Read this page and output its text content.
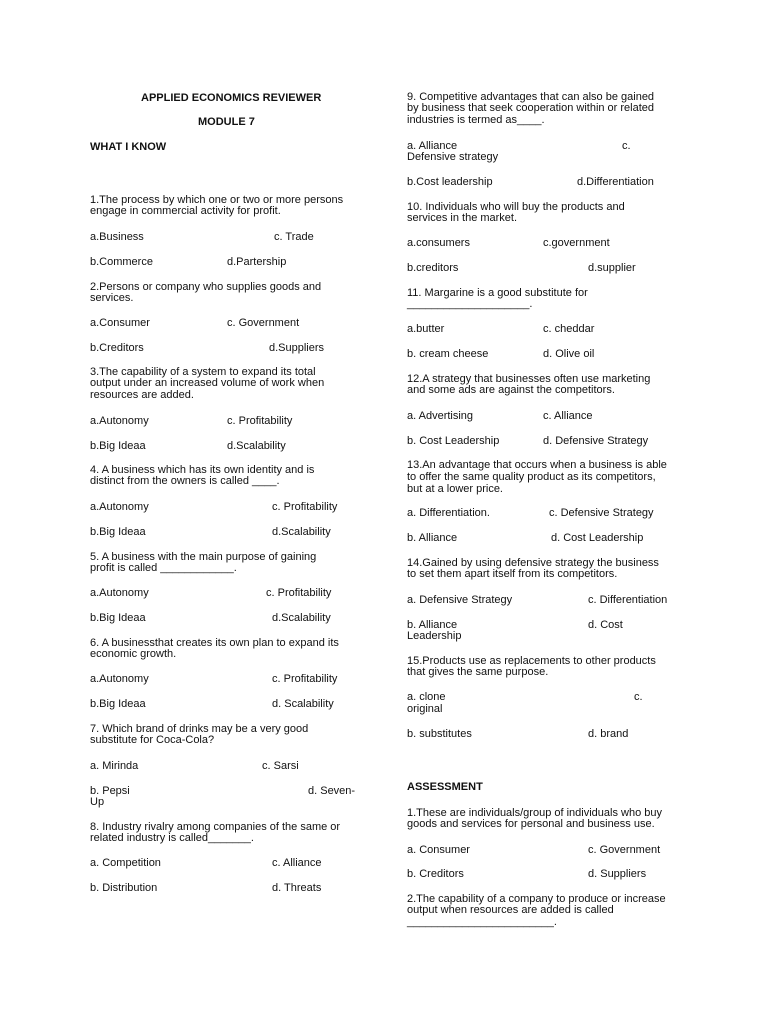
APPLIED ECONOMICS REVIEWER
MODULE 7
WHAT I KNOW
1.The process by which one or two or more persons
engage in commercial activity for profit.
a.Business	c. Trade
b.Commerce	d.Partership
2.Persons or company who supplies goods and
services.
a.Consumer	c. Government
b.Creditors	d.Suppliers
3.The capability of a system to expand its total
output under an increased volume of work when
resources are added.
a.Autonomy	c. Profitability
b.Big Ideaa	d.Scalability
4. A business which has its own identity and is
distinct from the owners is called ____.
a.Autonomy	c. Profitability
b.Big Ideaa	d.Scalability
5. A business with the main purpose of gaining
profit is called ____________.
a.Autonomy	c. Profitability
b.Big Ideaa	d.Scalability
6. A businessthat creates its own plan to expand its
economic growth.
a.Autonomy	c. Profitability
b.Big Ideaa	d. Scalability
7. Which brand of drinks may be a very good
substitute for Coca-Cola?
a. Mirinda	c. Sarsi
b. Pepsi	d. Seven-
Up
8. Industry rivalry among companies of the same or
related industry is called_______.
a. Competition	c. Alliance
b. Distribution	d. Threats
9. Competitive advantages that can also be gained
by business that seek cooperation within or related
industries is termed as____.
a. Alliance	c.
Defensive strategy
b.Cost leadership	d.Differentiation
10. Individuals who will buy the products and
services in the market.
a.consumers	c.government
b.creditors	d.supplier
11. Margarine is a good substitute for
____________________.
a.butter	c. cheddar
b. cream cheese	d. Olive oil
12.A strategy that businesses often use marketing
and some ads are against the competitors.
a. Advertising	c. Alliance
b. Cost Leadership	d. Defensive Strategy
13.An advantage that occurs when a business is able
to offer the same quality product as its competitors,
but at a lower price.
a. Differentiation.	c. Defensive Strategy
b. Alliance	d. Cost Leadership
14.Gained by using defensive strategy the business
to set them apart itself from its competitors.
a. Defensive Strategy	c. Differentiation
b. Alliance	d. Cost
Leadership
15.Products use as replacements to other products
that gives the same purpose.
a. clone	c.
original
b. substitutes	d. brand
ASSESSMENT
1.These are individuals/group of individuals who buy
goods and services for personal and business use.
a. Consumer	c. Government
b. Creditors	d. Suppliers
2.The capability of a company to produce or increase
output when resources are added is called
________________________.
